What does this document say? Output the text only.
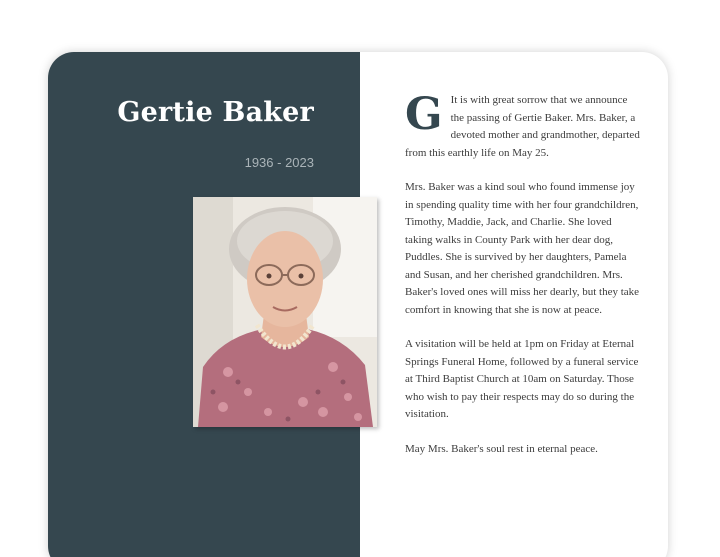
Gertie Baker
1936 - 2023

G It is with great sorrow that we announce the passing of Gertie Baker. Mrs. Baker, a devoted mother and grandmother, departed from this earthly life on May 25.

Mrs. Baker was a kind soul who found immense joy in spending quality time with her four grandchildren, Timothy, Maddie, Jack, and Charlie. She loved taking walks in County Park with her dear dog, Puddles. She is survived by her daughters, Pamela and Susan, and her cherished grandchildren. Mrs. Baker's loved ones will miss her dearly, but they take comfort in knowing that she is now at peace.

A visitation will be held at 1pm on Friday at Eternal Springs Funeral Home, followed by a funeral service at Third Baptist Church at 10am on Saturday. Those who wish to pay their respects may do so during the visitation.

May Mrs. Baker's soul rest in eternal peace.
